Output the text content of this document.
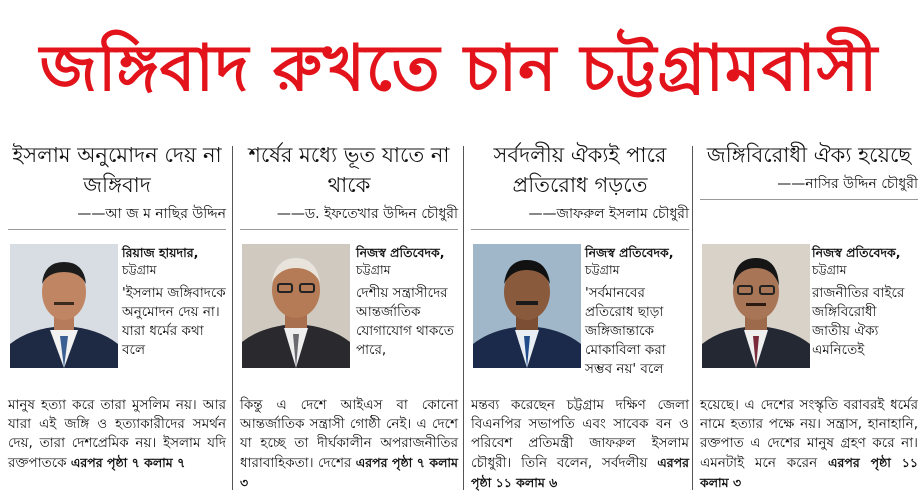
জঙ্গিবাদ রুখতে চান চট্টগ্রামবাসী
ইসলাম অনুমোদন দেয় না জঙ্গিবাদ
——আ জ ম নাছির উদ্দিন
রিয়াজ হায়দার,
চট্টগ্রাম
'ইসলাম জঙ্গিবাদকে অনুমোদন দেয় না। যারা ধর্মের কথা বলে
মানুষ হত্যা করে তারা মুসলিম নয়। আর যারা এই জঙ্গি ও হত্যাকারীদের সমর্থন দেয়, তারা দেশপ্রেমিক নয়। ইসলাম যদি রক্তপাতকে এরপর পৃষ্ঠা ৭ কলাম ৭
শর্ষের মধ্যে ভূত যাতে না থাকে
——ড. ইফতেখার উদ্দিন চৌধুরী
নিজস্ব প্রতিবেদক,
চট্টগ্রাম
দেশীয় সন্ত্রাসীদের আন্তর্জাতিক যোগাযোগ থাকতে পারে,
কিন্তু এ দেশে আইএস বা কোনো আন্তর্জাতিক সন্ত্রাসী গোষ্ঠী নেই। এ দেশে যা হচ্ছে তা দীর্ঘকালীন অপরাজনীতির ধারাবাহিকতা। দেশের এরপর পৃষ্ঠা ৭ কলাম ৩
সর্বদলীয় ঐক্যই পারে প্রতিরোধ গড়তে
——জাফরুল ইসলাম চৌধুরী
নিজস্ব প্রতিবেদক,
চট্টগ্রাম
'সর্বমানবের প্রতিরোধ ছাড়া জঙ্গিজান্তাকে মোকাবিলা করা সম্ভব নয়' বলে
মন্তব্য করেছেন চট্টগ্রাম দক্ষিণ জেলা বিএনপির সভাপতি এবং সাবেক বন ও পরিবেশ প্রতিমন্ত্রী জাফরুল ইসলাম চৌধুরী। তিনি বলেন, সর্বদলীয় এরপর পৃষ্ঠা ১১ কলাম ৬
জঙ্গিবিরোধী ঐক্য হয়েছে
——নাসির উদ্দিন চৌধুরী
নিজস্ব প্রতিবেদক,
চট্টগ্রাম
রাজনীতির বাইরে জঙ্গিবিরোধী জাতীয় ঐক্য এমনিতেই
হয়েছে। এ দেশের সংস্কৃতি বরাবরই ধর্মের নামে হত্যার পক্ষে নয়। সন্ত্রাস, হানাহানি, রক্তপাত এ দেশের মানুষ গ্রহণ করে না। এমনটাই মনে করেন এরপর পৃষ্ঠা ১১ কলাম ৩
